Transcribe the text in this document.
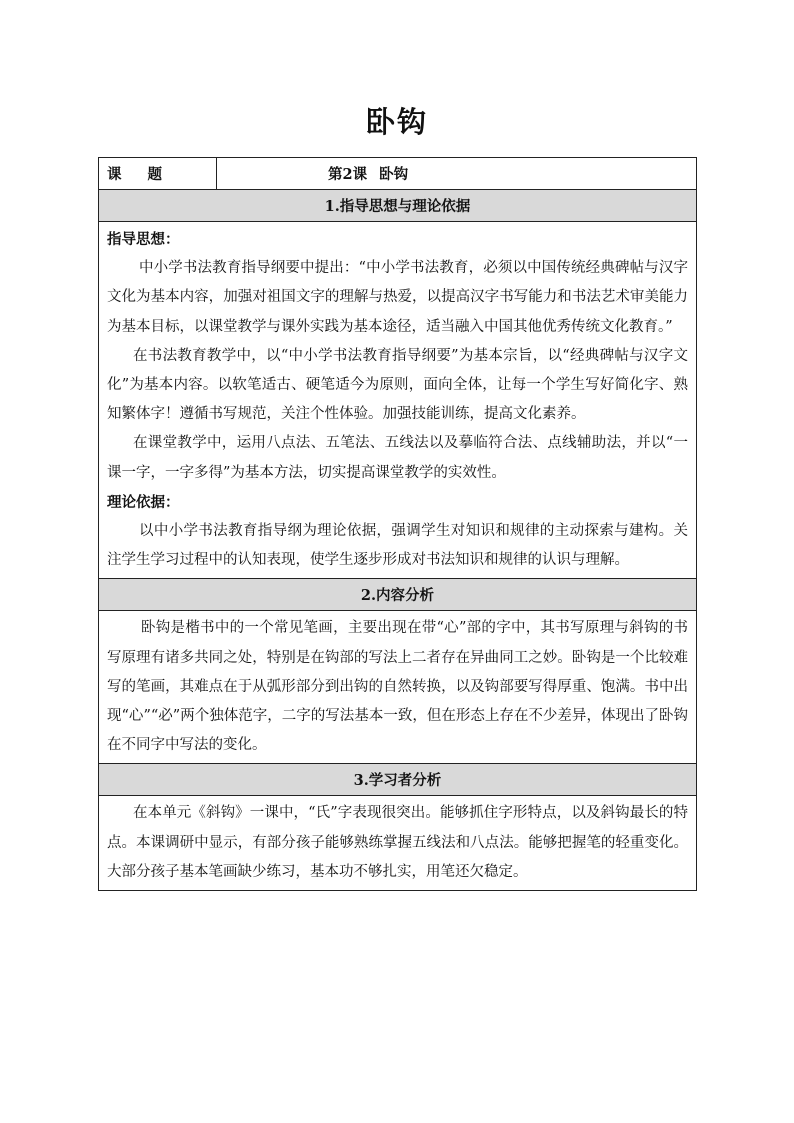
卧钩
课 题	第2课 卧钩
1.指导思想与理论依据

指导思想：

中小学书法教育指导纲要中提出：“中小学书法教育，必须以中国传统经典碑帖与汉字文化为基本内容，加强对祖国文字的理解与热爱，以提高汉字书写能力和书法艺术审美能力为基本目标，以课堂教学与课外实践为基本途径，适当融入中国其他优秀传统文化教育。”

在书法教育教学中，以“中小学书法教育指导纲要”为基本宗旨，以“经典碑帖与汉字文化”为基本内容。以软笔适古、硬笔适今为原则，面向全体，让每一个学生写好简化字、熟知繁体字！遵循书写规范，关注个性体验。加强技能训练，提高文化素养。

在课堂教学中，运用八点法、五笔法、五线法以及摹临符合法、点线辅助法，并以“一课一字，一字多得”为基本方法，切实提高课堂教学的实效性。

理论依据：

以中小学书法教育指导纲为理论依据，强调学生对知识和规律的主动探索与建构。关注学生学习过程中的认知表现，使学生逐步形成对书法知识和规律的认识与理解。

2.内容分析

卧钩是楷书中的一个常见笔画，主要出现在带“心”部的字中，其书写原理与斜钩的书写原理有诸多共同之处，特别是在钩部的写法上二者存在异曲同工之妙。卧钩是一个比较难写的笔画，其难点在于从弧形部分到出钩的自然转换，以及钩部要写得厚重、饱满。书中出现“心”“必”两个独体范字，二字的写法基本一致，但在形态上存在不少差异，体现出了卧钩在不同字中写法的变化。

3.学习者分析

在本单元《斜钩》一课中，“氏”字表现很突出。能够抓住字形特点，以及斜钩最长的特点。本课调研中显示，有部分孩子能够熟练掌握五线法和八点法。能够把握笔的轻重变化。大部分孩子基本笔画缺少练习，基本功不够扎实，用笔还欠稳定。
